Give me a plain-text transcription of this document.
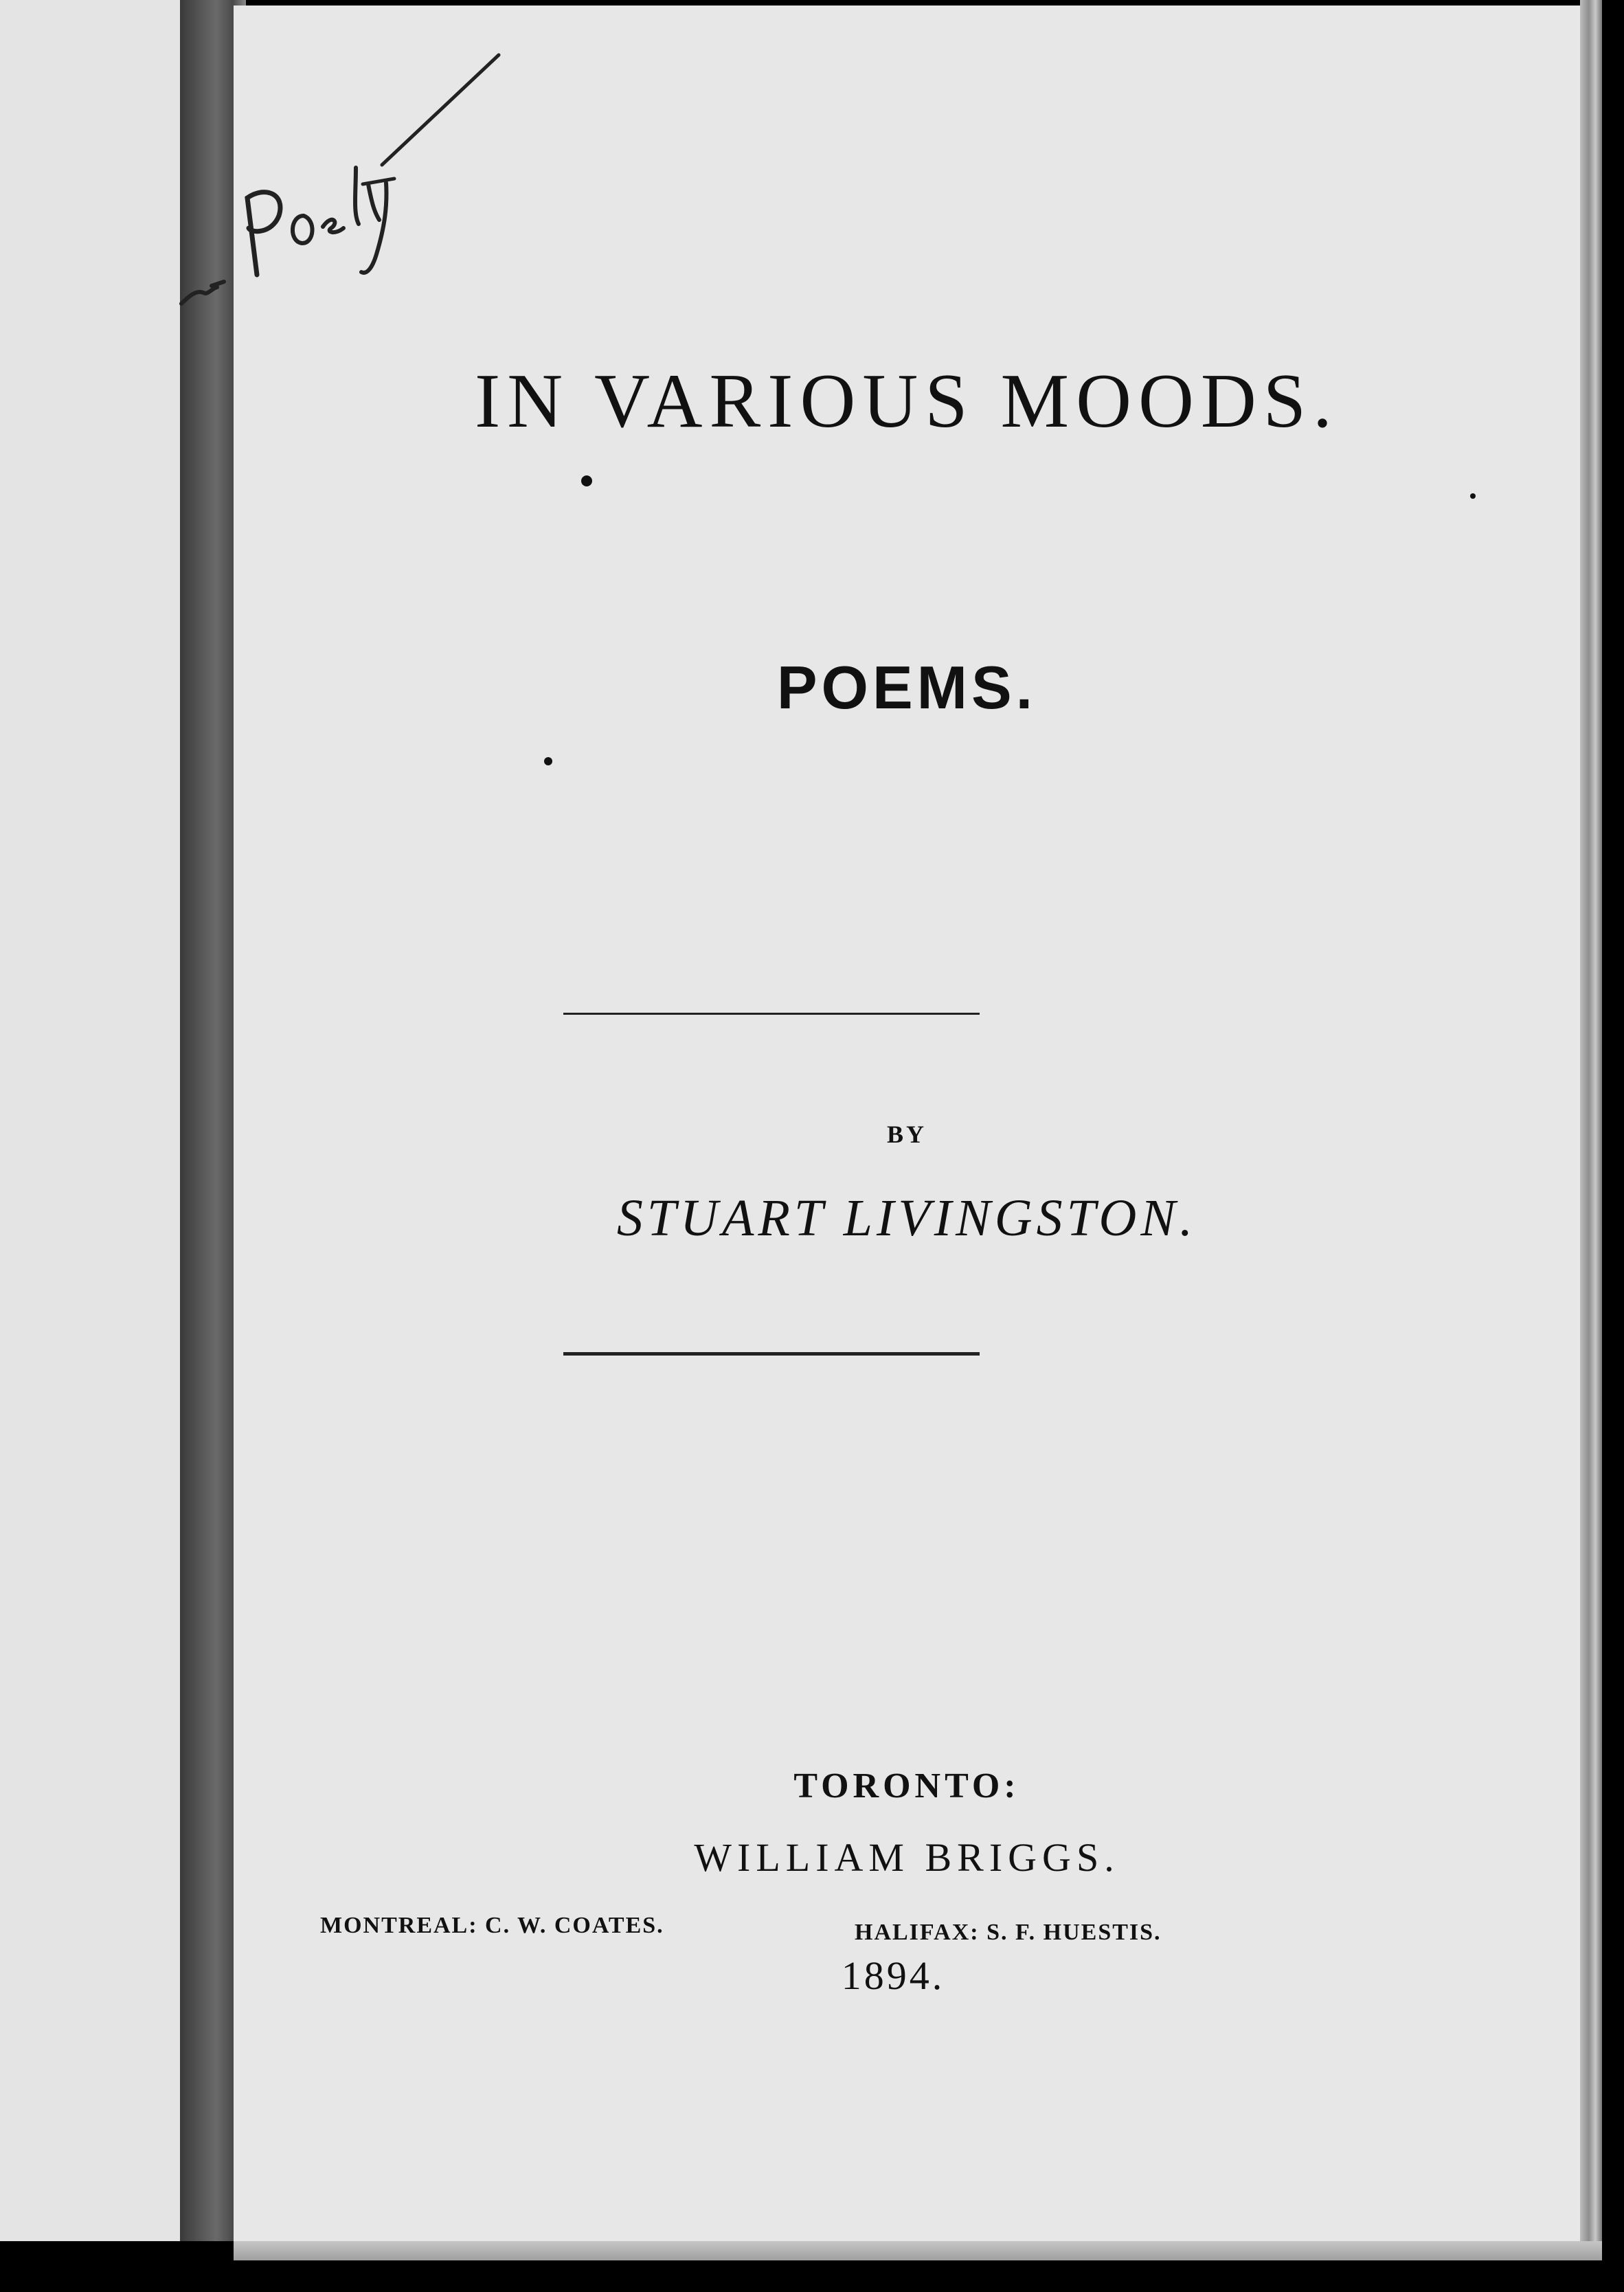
IN VARIOUS MOODS.
POEMS.
BY
STUART LIVINGSTON.
TORONTO:
WILLIAM BRIGGS.
MONTREAL: C. W. COATES.	HALIFAX: S. F. HUESTIS.
1894.
